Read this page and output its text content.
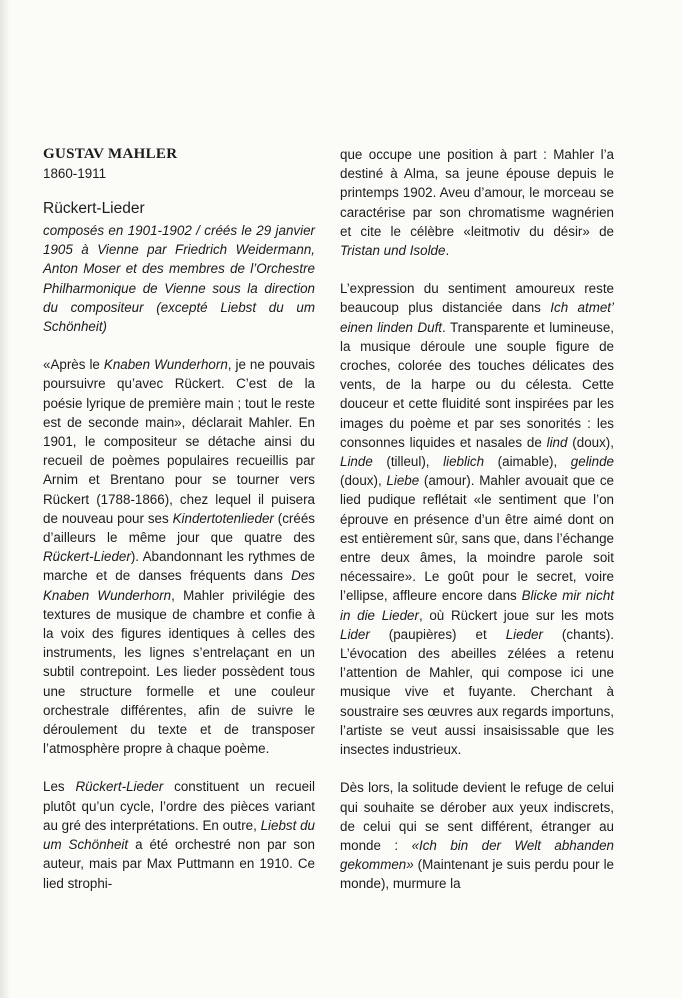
GUSTAV MAHLER
1860-1911
Rückert-Lieder

composés en 1901-1902 / créés le 29 janvier 1905 à Vienne par Friedrich Weidermann, Anton Moser et des membres de l’Orchestre Philharmonique de Vienne sous la direction du compositeur (excepté Liebst du um Schönheit)

«Après le Knaben Wunderhorn, je ne pouvais poursuivre qu’avec Rückert. C’est de la poésie lyrique de première main ; tout le reste est de seconde main», déclarait Mahler. En 1901, le compositeur se détache ainsi du recueil de poèmes populaires recueillis par Arnim et Brentano pour se tourner vers Rückert (1788-1866), chez lequel il puisera de nouveau pour ses Kindertotenlieder (créés d’ailleurs le même jour que quatre des Rückert-Lieder). Abandonnant les rythmes de marche et de danses fréquents dans Des Knaben Wunderhorn, Mahler privilégie des textures de musique de chambre et confie à la voix des figures identiques à celles des instruments, les lignes s’entrelaçant en un subtil contrepoint. Les lieder possèdent tous une structure formelle et une couleur orchestrale différentes, afin de suivre le déroulement du texte et de transposer l’atmosphère propre à chaque poème.

Les Rückert-Lieder constituent un recueil plutôt qu’un cycle, l’ordre des pièces variant au gré des interprétations. En outre, Liebst du um Schönheit a été orchestré non par son auteur, mais par Max Puttmann en 1910. Ce lied strophi-

que occupe une position à part : Mahler l’a destiné à Alma, sa jeune épouse depuis le printemps 1902. Aveu d’amour, le morceau se caractérise par son chromatisme wagnérien et cite le célèbre «leitmotiv du désir» de Tristan und Isolde.

L’expression du sentiment amoureux reste beaucoup plus distanciée dans Ich atmet’ einen linden Duft. Transparente et lumineuse, la musique déroule une souple figure de croches, colorée des touches délicates des vents, de la harpe ou du célesta. Cette douceur et cette fluidité sont inspirées par les images du poème et par ses sonorités : les consonnes liquides et nasales de lind (doux), Linde (tilleul), lieblich (aimable), gelinde (doux), Liebe (amour). Mahler avouait que ce lied pudique reflétait «le sentiment que l’on éprouve en présence d’un être aimé dont on est entièrement sûr, sans que, dans l’échange entre deux âmes, la moindre parole soit nécessaire». Le goût pour le secret, voire l’ellipse, affleure encore dans Blicke mir nicht in die Lieder, où Rückert joue sur les mots Lider (paupières) et Lieder (chants). L’évocation des abeilles zélées a retenu l’attention de Mahler, qui compose ici une musique vive et fuyante. Cherchant à soustraire ses œuvres aux regards importuns, l’artiste se veut aussi insaisissable que les insectes industrieux.

Dès lors, la solitude devient le refuge de celui qui souhaite se dérober aux yeux indiscrets, de celui qui se sent différent, étranger au monde : «Ich bin der Welt abhanden gekommen» (Maintenant je suis perdu pour le monde), murmure la
